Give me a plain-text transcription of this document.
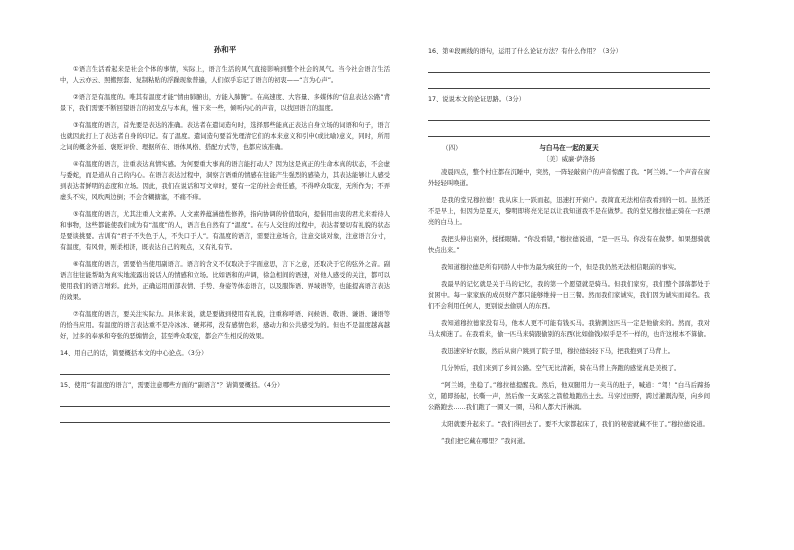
孙和平

①语言生活看起来是社会个体的事情，实际上，语言生活的风气直接影响到整个社会的风气。当今社会语言生活中，人云亦云、照搬照套、复制粘贴的浮躁现象普遍，人们似乎忘记了语言的初衷——“言为心声”。

②语言是有温度的。唯其有温度才能“情由肺腑出，方能入肺腑”。在高速度、大容量、多媒体的“信息表达公路”背景下，我们需要不断回望语言的初发点与本真，慢下来一些，倾听内心的声音，以找回语言的温度。

③有温度的语言，首先要是表达的准确。表达者在遣词造句时，选择那些能真正表达自身立场的词语和句子，语言也就因此打上了表达者自身的印记。有了温度。遣词造句要首先理清它们的本来意义和引申(或比喻)意义，同时，所用之词的概念外延、褒贬评价、理据所在、语体风格、搭配方式等，也都应该准确。

④有温度的语言，注重表达真情实感。为何要重大事真的语言能打动人？因为这是真正的生命本真的状态，不会虚与委蛇，而是道从自己的内心。在语言表达过程中，洞察言语重的情感在往能产生强烈的感染力，其表达能够让人感受到表达者鲜明的态度和立场。因此，我们在说话和写文章时，要有一定的社会责任感，不得哗众取宠，无所作为；不弄虚头不实，风吹两边倒；不会含糊搪塞，不痛不痒。

⑤有温度的语言，尤其注重人文素养。人文素养蕴涵德性修养，指向协调的价值取向，提倡用由衷的君尤来看待人和事物，这些都能使我们成为有“温度”的人，语言也自然有了“温度”。在与人交往的过程中，表达者要切有礼貌的状态是要谈挑要。古训有“君子不失色于人，不失口于人”。有温度的语言，需要注意场合，注意交谈对象，注意语言分寸，有温度，有风骨，刚柔相济，既表达自己的观点，又有礼有节。

⑥有温度的语言，需要恰当使用副语言。语言的含义不仅取决于字面意思，言下之意，还取决于它的弦外之音。副语言往往能帮助为真实地流露出说话人的情感和立场。比如语和的声调，徐急相间的语速，对他人感受的关注，都可以使用我们的语言增彩。此外，正确运用面部表情、手势、身姿等体态语言，以及服饰语、界域语等，也能提高语言表达的效果。

⑦有温度的语言，要关注实际力。具体来说，就是要做到使用有礼貌，注重称呼语、问候语、敬语、谦语、谦语等的恰当应用。有温度的语言表达重不是冷冰冰、硬邦邦，没有感情色彩，感动力和公共感受为的。但也不是温度越高越好，过多的奉承和夸张的恶煽情会，甚至哗众取宠，都会产生相反的效果。

14、用自己的话，简要概括本文的中心论点。（3分）

15、使用“有温度的语言”，需要注意哪些方面的“副语言”？请简要概括。（4分）

16、第④段画线的语句，运用了什么论证方法？有什么作用？（3分）

17、说说本文的论证思路。（3分）

（四）	与白马在一起的夏天
〔美〕威廉·萨洛扬

凌晨四点，整个村庄都在沉睡中，突然，一阵轻敲窗户的声音惊醒了我。“阿兰姆。”一个声音在窗外轻轻叫唤道。

是我的堂兄穆拉德！我从床上一跃而起，迅速打开窗户。我简直无法相信我看到的一切。虽然还不是早上，但因为是夏天，黎明即将亮光足以让我知道我不是在做梦。我的堂兄穆拉德正骑在一匹漂亮的白马上。

我把头伸出窗外，揉揉眼睛。“你没看错，”穆拉德说道，“是一匹马。你没有在做梦。如果想骑就快点出来。”

我知道穆拉德是所有同龄人中作为最为疯狂的一个，但是我仍然无法相信眼前的事实。

我最早的记忆就是关于马的记忆，我的第一个愿望就是骑马。但我们家穷，我们整个部落都处于贫困中。每一家家族的成员财产都只能够维持一日三餐。然而我们家诚实，我们因为诚实而闻名。我们不会利用任何人，更别说去偷别人的东西。

我知道穆拉德家没有马，他本人更不可能有钱买马。我猜测这匹马一定是他偷来的。然而，我对马太痴迷了。在我看来，偷一匹马来骑跟偷别的东西(比如偷钱)似乎是不一样的，也许这根本不算偷。

我迅速穿好衣服，然后从窗户跳到了院子里，穆拉德轻轻下马，把我抱到了马背上。

几分钟后，我们来到了乡间公路。空气无比清新，骑在马背上奔跑的感觉真是美极了。

“阿兰姆，坐稳了。”穆拉德提醒我。然后，他双腿用力一夹马的肚子，喊道：“驾！”白马后蹄扬立，随即扬起，长嘶一声，然后像一支离弦之箭般地跑出土去。马穿过田野，跨过灌溉沟渠，向乡间公路跑去……我们跑了一圈又一圈，马和人都大汗淋漓。

太阳就要升起来了。“我们得回去了。要不大家都起床了，我们的秘密就藏不住了。”穆拉德说道。

“我们把它藏在哪里？”我问道。
